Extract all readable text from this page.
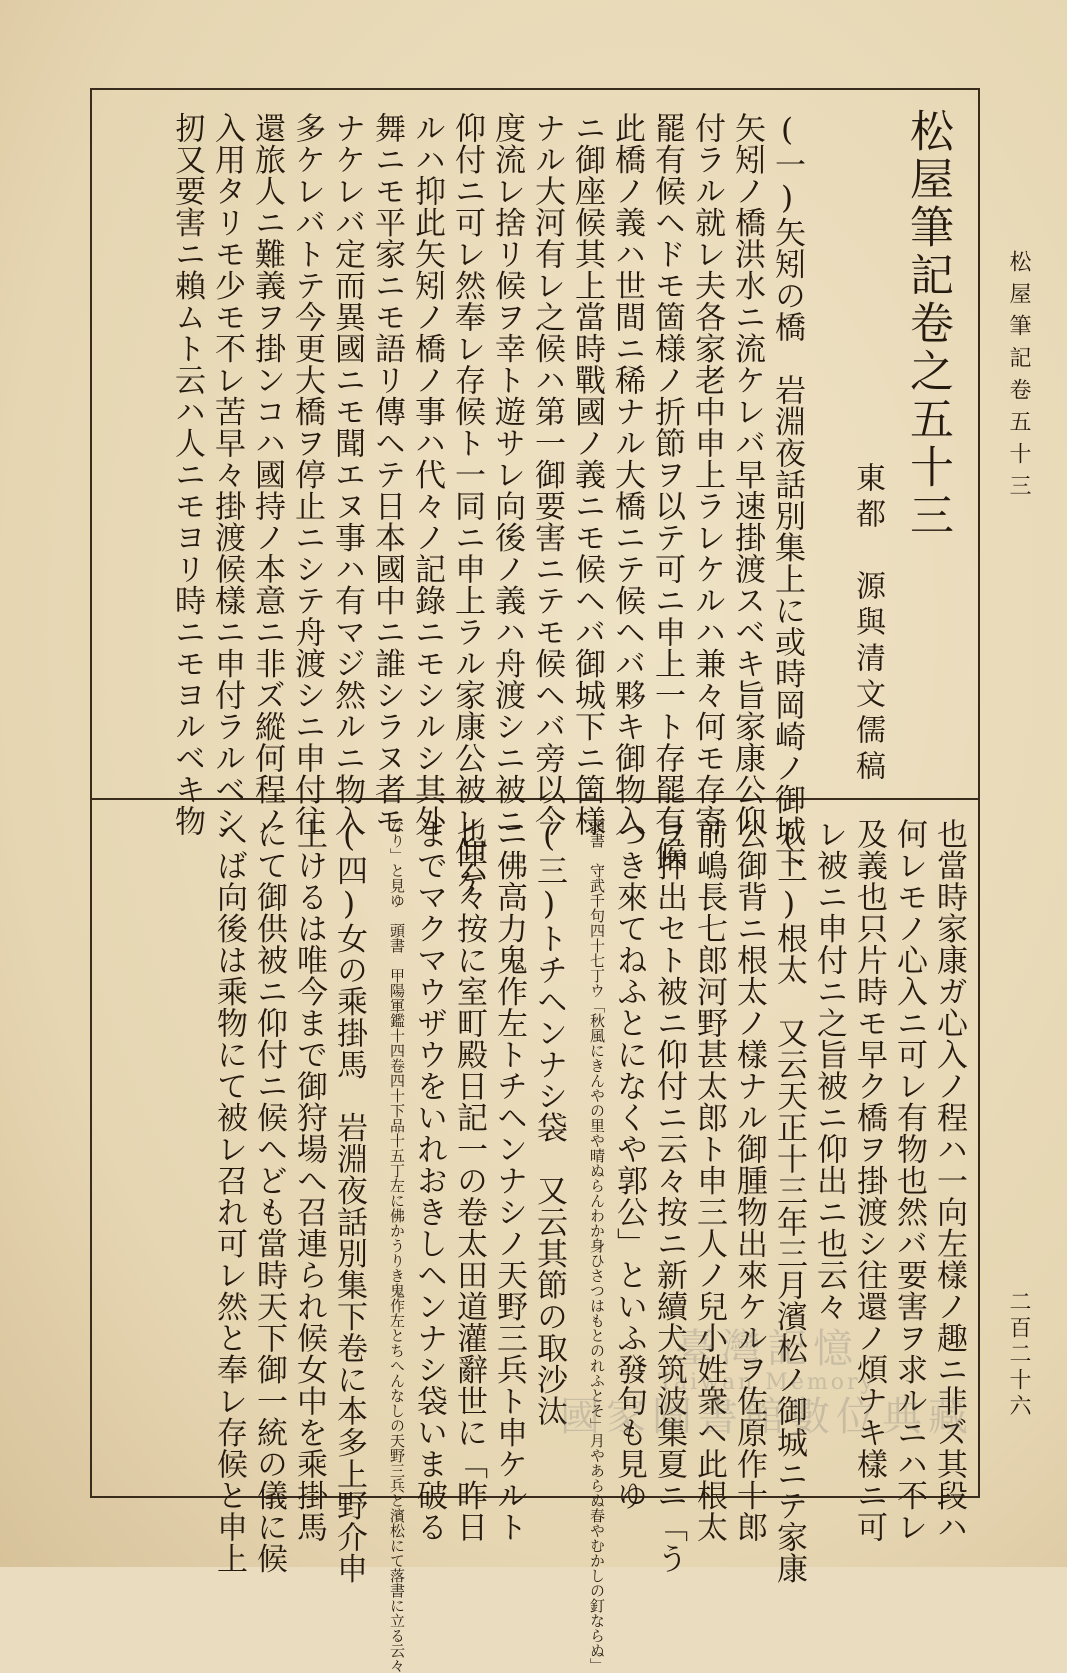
松屋筆記卷五十三
二百二十六
松屋筆記卷之五十三
東都　源與清文儒稿
(一)矢矧の橋　岩淵夜話別集上に或時岡崎ノ御城下
矢矧ノ橋洪水ニ流ケレバ早速掛渡スベキ旨家康公仰
付ラル就レ夫各家老中申上ラレケルハ兼々何モ存寄
罷有候ヘドモ箇様ノ折節ヲ以テ可ニ申上一ト存罷有候
此橋ノ義ハ世間ニ稀ナル大橋ニテ候ヘバ夥キ御物入
ニ御座候其上當時戰國ノ義ニモ候ヘバ御城下ニ箇様
ナル大河有レ之候ハ第一御要害ニテモ候ヘバ旁以今
度流レ捨リ候ヲ幸ト遊サレ向後ノ義ハ舟渡シニ被ニ
仰付ニ可レ然奉レ存候ト一同ニ申上ラル家康公被レ仰ケ
ルハ抑此矢矧ノ橋ノ事ハ代々ノ記錄ニモシルシ其外
舞ニモ平家ニモ語リ傳ヘテ日本國中ニ誰シラヌ者モ
ナケレバ定而異國ニモ聞エヌ事ハ有マジ然ルニ物入
多ケレバトテ今更大橋ヲ停止ニシテ舟渡シニ申付往
還旅人ニ難義ヲ掛ンコハ國持ノ本意ニ非ズ縱何程ノ
入用タリモ少モ不レ苦早々掛渡候樣ニ申付ラルベシ
扨又要害ニ賴ムト云ハ人ニモヨリ時ニモヨルベキ物
也當時家康ガ心入ノ程ハ一向左樣ノ趣ニ非ズ其段ハ
何レモノ心入ニ可レ有物也然バ要害ヲ求ルニハ不レ
及義也只片時モ早ク橋ヲ掛渡シ往還ノ煩ナキ樣ニ可
レ被ニ申付ニ之旨被ニ仰出ニ也云々
(二)根太　又云天正十三年三月濱松ノ御城ニテ家康
公御背ニ根太ノ樣ナル御腫物出來ケルヲ佐原作十郎
前嶋長七郎河野甚太郎ト申三人ノ兒小姓衆ヘ此根太
ヲ押出セト被ニ仰付ニ云々按ニ新續犬筑波集夏ニ「う
つき來てねふとになくや郭公」といふ發句も見ゆ
頭書　守武千句四十七丁ウ「秋風にきんやの里や晴ぬらんわか身ひさつはもとのれふとそ」月やあらぬ春やむかしの釘ならぬ」
(三)トチヘンナシ袋　又云其節の取沙汰
ニ佛高力鬼作左トチヘンナシノ天野三兵ト申ケルト
也云々按に室町殿日記一の卷太田道灌辭世に「昨日
までマクマウザウをいれおきしヘンナシ袋いま破る
なり」と見ゆ　頭書　甲陽軍鑑十四卷四十下品十五丁左に佛かうりき鬼作左とちへんなしの天野三兵と濱松にて落書に立る云々
(四)女の乘掛馬　岩淵夜話別集下卷に本多上野介申
上けるは唯今まで御狩場へ召連られ候女中を乘掛馬
にて御供被ニ仰付ニ候へども當時天下御一統の儀に候
へば向後は乘物にて被レ召れ可レ然と奉レ存候と申上	臺灣記憶
Taiwan Memory
國家圖書館數位典藏
